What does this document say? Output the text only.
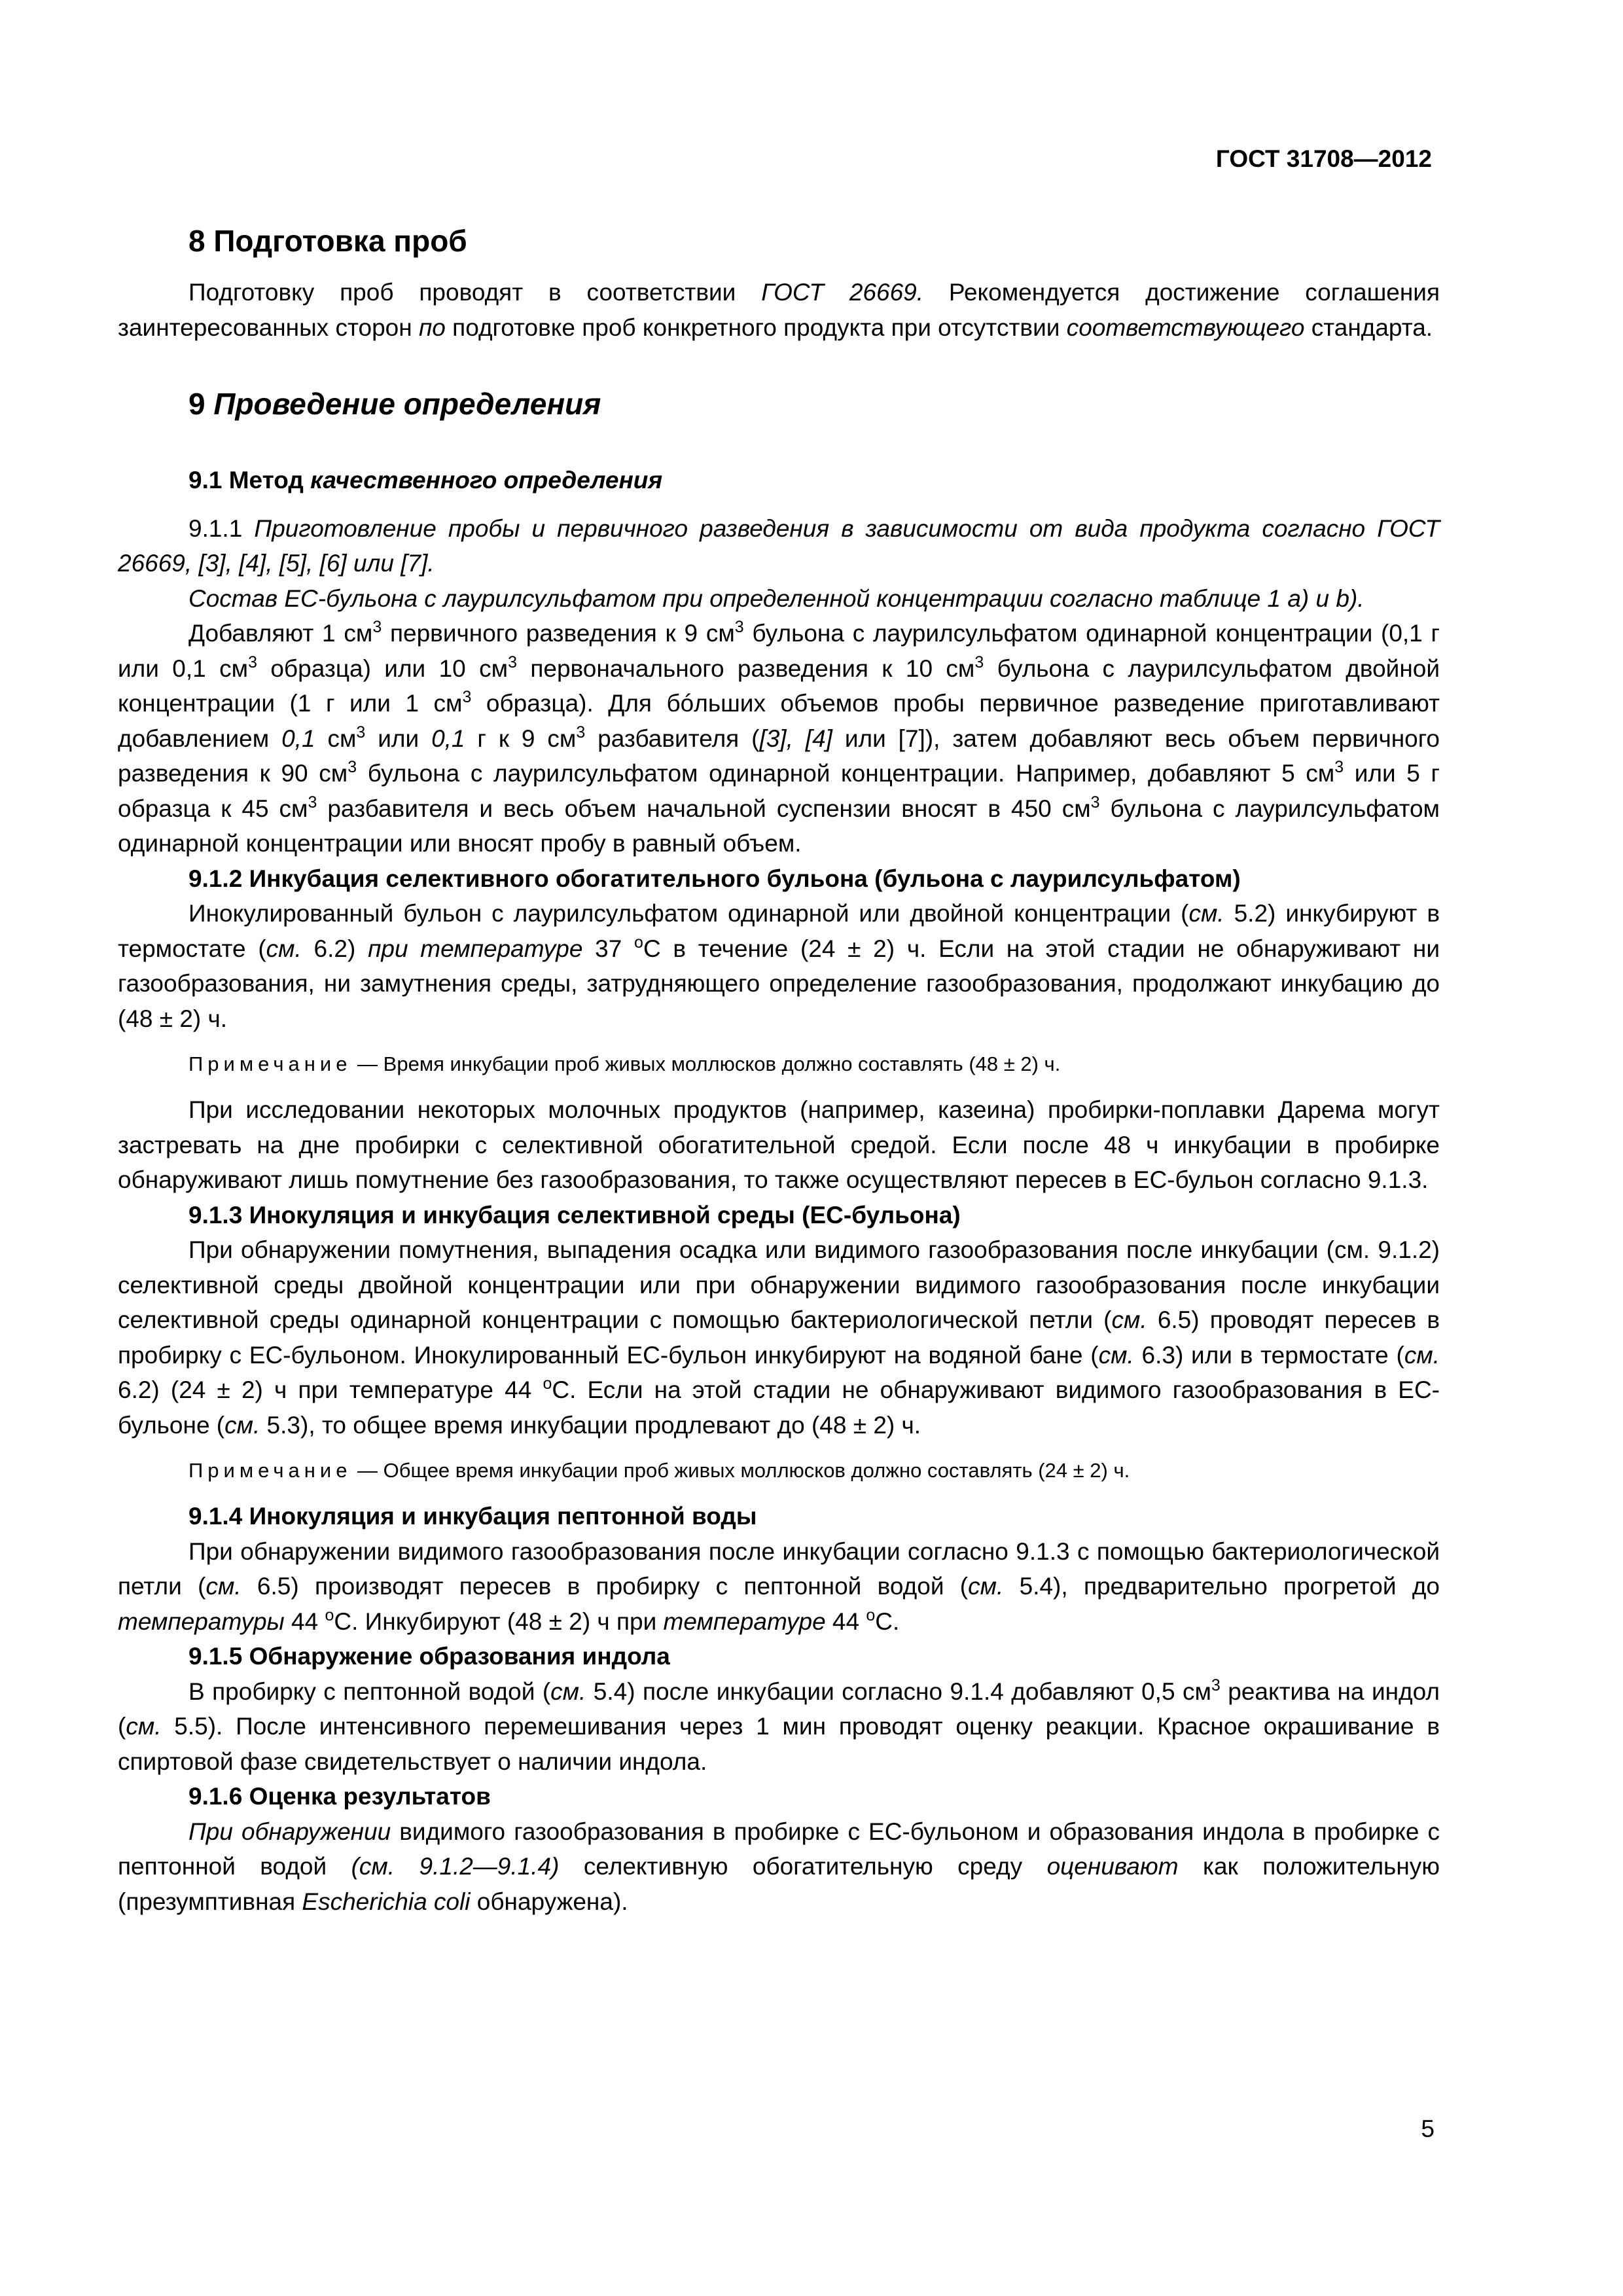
ГОСТ 31708—2012
8 Подготовка проб
Подготовку проб проводят в соответствии ГОСТ 26669. Рекомендуется достижение соглашения заинтересованных сторон по подготовке проб конкретного продукта при отсутствии соответствующего стандарта.
9 Проведение определения
9.1 Метод качественного определения
9.1.1 Приготовление пробы и первичного разведения в зависимости от вида продукта согласно ГОСТ 26669, [3], [4], [5], [6] или [7].
Состав ЕС-бульона с лаурилсульфатом при определенной концентрации согласно таблице 1 а) и b).
Добавляют 1 $см^3$ первичного разведения к 9 $см^3$ бульона с лаурилсульфатом одинарной концентрации (0,1 г или 0,1 $см^3$ образца) или 10 $см^3$ первоначального разведения к 10 $см^3$ бульона с лаурилсульфатом двойной концентрации (1 г или 1 $см^3$ образца). Для бóльших объемов пробы первичное разведение приготавливают добавлением 0,1 $см^3$ или 0,1 г к 9 $см^3$ разбавителя ([3], [4] или [7]), затем добавляют весь объем первичного разведения к 90 $см^3$ бульона с лаурилсульфатом одинарной концентрации. Например, добавляют 5 $см^3$ или 5 г образца к 45 $см^3$ разбавителя и весь объем начальной суспензии вносят в 450 $см^3$ бульона с лаурилсульфатом одинарной концентрации или вносят пробу в равный объем.
9.1.2 Инкубация селективного обогатительного бульона (бульона с лаурилсульфатом)
Инокулированный бульон с лаурилсульфатом одинарной или двойной концентрации (см. 5.2) инкубируют в термостате (см. 6.2) при температуре 37 $^о$С в течение (24 ± 2) ч. Если на этой стадии не обнаруживают ни газообразования, ни замутнения среды, затрудняющего определение газообразования, продолжают инкубацию до (48 ± 2) ч.
Примечание — Время инкубации проб живых моллюсков должно составлять (48 ± 2) ч.
При исследовании некоторых молочных продуктов (например, казеина) пробирки-поплавки Дарема могут застревать на дне пробирки с селективной обогатительной средой. Если после 48 ч инкубации в пробирке обнаруживают лишь помутнение без газообразования, то также осуществляют пересев в ЕС-бульон согласно 9.1.3.
9.1.3 Инокуляция и инкубация селективной среды (ЕС-бульона)
При обнаружении помутнения, выпадения осадка или видимого газообразования после инкубации (см. 9.1.2) селективной среды двойной концентрации или при обнаружении видимого газообразования после инкубации селективной среды одинарной концентрации с помощью бактериологической петли (см. 6.5) проводят пересев в пробирку с ЕС-бульоном. Инокулированный ЕС-бульон инкубируют на водяной бане (см. 6.3) или в термостате (см. 6.2) (24 ± 2) ч при температуре 44 $^о$С. Если на этой стадии не обнаруживают видимого газообразования в ЕС-бульоне (см. 5.3), то общее время инкубации продлевают до (48 ± 2) ч.
Примечание — Общее время инкубации проб живых моллюсков должно составлять (24 ± 2) ч.
9.1.4 Инокуляция и инкубация пептонной воды
При обнаружении видимого газообразования после инкубации согласно 9.1.3 с помощью бактериологической петли (см. 6.5) производят пересев в пробирку с пептонной водой (см. 5.4), предварительно прогретой до температуры 44 $^о$С. Инкубируют (48 ± 2) ч при температуре 44 $^о$С.
9.1.5 Обнаружение образования индола
В пробирку с пептонной водой (см. 5.4) после инкубации согласно 9.1.4 добавляют 0,5 $см^3$ реактива на индол (см. 5.5). После интенсивного перемешивания через 1 мин проводят оценку реакции. Красное окрашивание в спиртовой фазе свидетельствует о наличии индола.
9.1.6 Оценка результатов
При обнаружении видимого газообразования в пробирке с ЕС-бульоном и образования индола в пробирке с пептонной водой (см. 9.1.2—9.1.4) селективную обогатительную среду оценивают как положительную (презумптивная Escherichia coli обнаружена).
5
